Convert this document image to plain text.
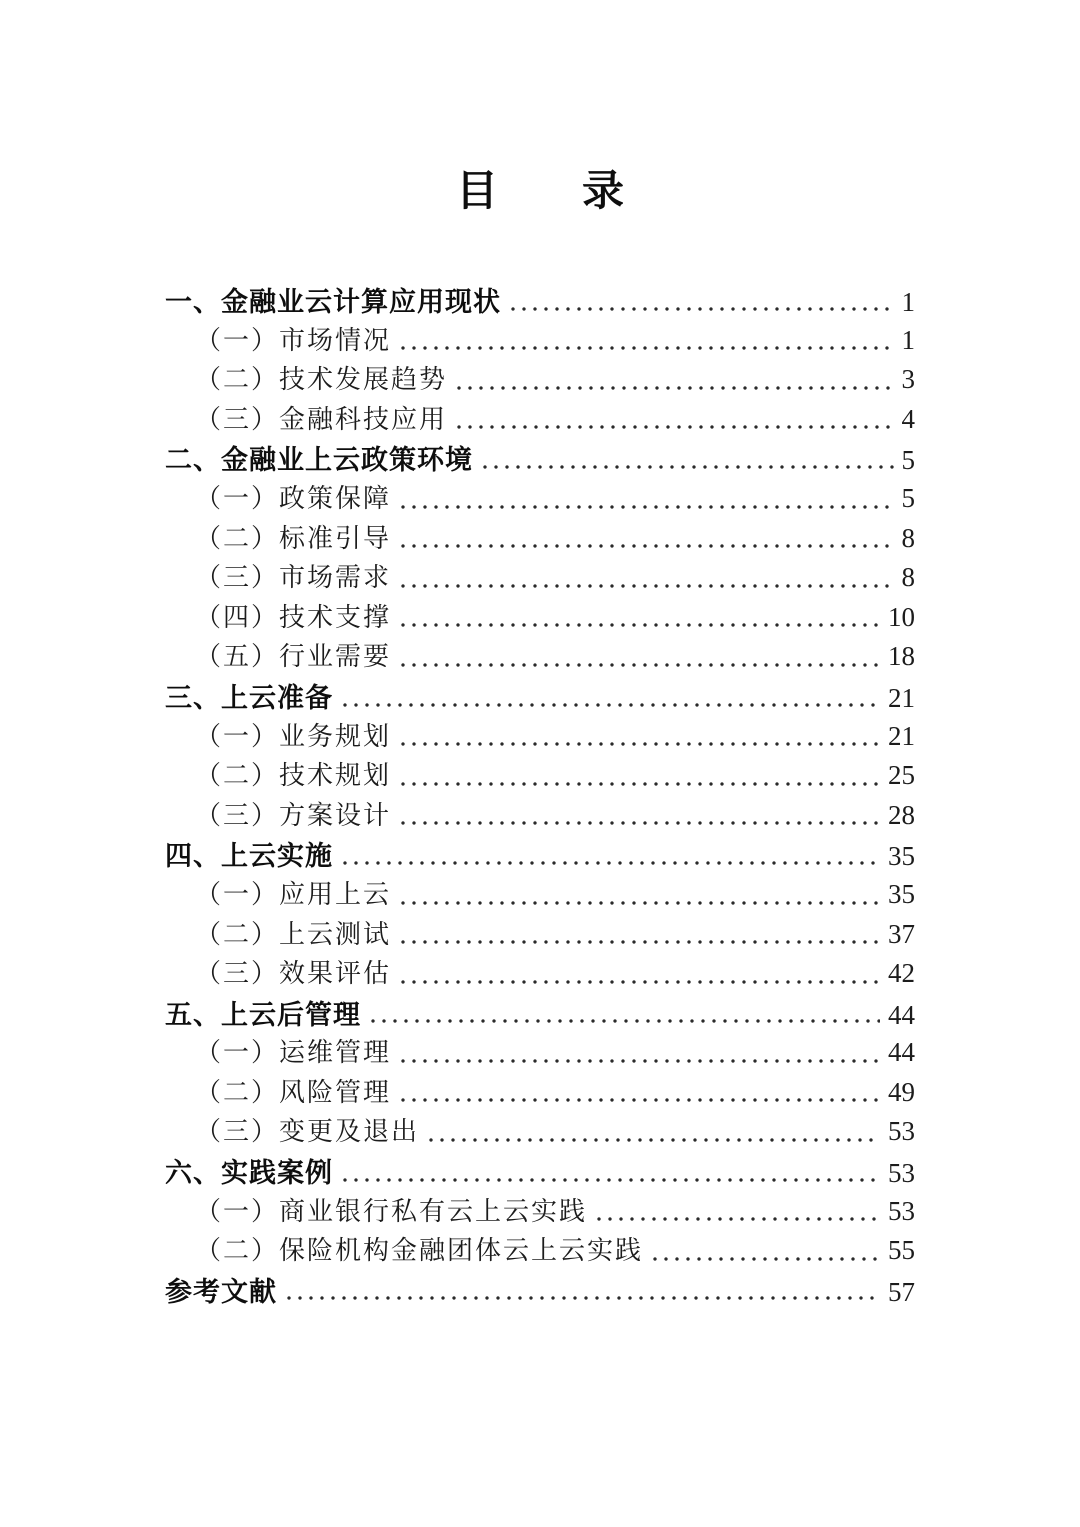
目　　录
一、金融业云计算应用现状	1
（一）市场情况	1
（二）技术发展趋势	3
（三）金融科技应用	4
二、金融业上云政策环境	5
（一）政策保障	5
（二）标准引导	8
（三）市场需求	8
（四）技术支撑	10
（五）行业需要	18
三、上云准备	21
（一）业务规划	21
（二）技术规划	25
（三）方案设计	28
四、上云实施	35
（一）应用上云	35
（二）上云测试	37
（三）效果评估	42
五、上云后管理	44
（一）运维管理	44
（二）风险管理	49
（三）变更及退出	53
六、实践案例	53
（一）商业银行私有云上云实践	53
（二）保险机构金融团体云上云实践	55
参考文献	57
